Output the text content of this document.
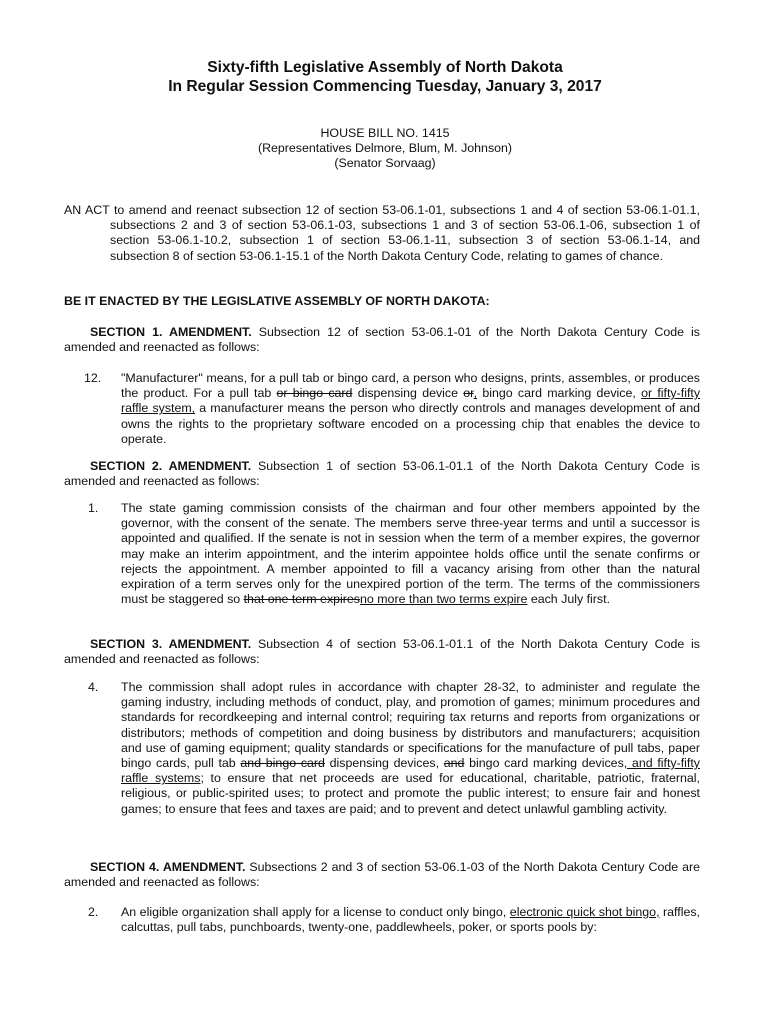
Sixty-fifth Legislative Assembly of North Dakota
In Regular Session Commencing Tuesday, January 3, 2017
HOUSE BILL NO. 1415
(Representatives Delmore, Blum, M. Johnson)
(Senator Sorvaag)
AN ACT to amend and reenact subsection 12 of section 53-06.1-01, subsections 1 and 4 of section 53-06.1-01.1, subsections 2 and 3 of section 53-06.1-03, subsections 1 and 3 of section 53-06.1-06, subsection 1 of section 53-06.1-10.2, subsection 1 of section 53-06.1-11, subsection 3 of section 53-06.1-14, and subsection 8 of section 53-06.1-15.1 of the North Dakota Century Code, relating to games of chance.
BE IT ENACTED BY THE LEGISLATIVE ASSEMBLY OF NORTH DAKOTA:
SECTION 1. AMENDMENT. Subsection 12 of section 53-06.1-01 of the North Dakota Century Code is amended and reenacted as follows:
12. "Manufacturer" means, for a pull tab or bingo card, a person who designs, prints, assembles, or produces the product. For a pull tab or bingo card dispensing device or, bingo card marking device, or fifty-fifty raffle system, a manufacturer means the person who directly controls and manages development of and owns the rights to the proprietary software encoded on a processing chip that enables the device to operate.
SECTION 2. AMENDMENT. Subsection 1 of section 53-06.1-01.1 of the North Dakota Century Code is amended and reenacted as follows:
1. The state gaming commission consists of the chairman and four other members appointed by the governor, with the consent of the senate. The members serve three-year terms and until a successor is appointed and qualified. If the senate is not in session when the term of a member expires, the governor may make an interim appointment, and the interim appointee holds office until the senate confirms or rejects the appointment. A member appointed to fill a vacancy arising from other than the natural expiration of a term serves only for the unexpired portion of the term. The terms of the commissioners must be staggered so that one term expiresno more than two terms expire each July first.
SECTION 3. AMENDMENT. Subsection 4 of section 53-06.1-01.1 of the North Dakota Century Code is amended and reenacted as follows:
4. The commission shall adopt rules in accordance with chapter 28-32, to administer and regulate the gaming industry, including methods of conduct, play, and promotion of games; minimum procedures and standards for recordkeeping and internal control; requiring tax returns and reports from organizations or distributors; methods of competition and doing business by distributors and manufacturers; acquisition and use of gaming equipment; quality standards or specifications for the manufacture of pull tabs, paper bingo cards, pull tab and bingo card dispensing devices, and bingo card marking devices, and fifty-fifty raffle systems; to ensure that net proceeds are used for educational, charitable, patriotic, fraternal, religious, or public-spirited uses; to protect and promote the public interest; to ensure fair and honest games; to ensure that fees and taxes are paid; and to prevent and detect unlawful gambling activity.
SECTION 4. AMENDMENT. Subsections 2 and 3 of section 53-06.1-03 of the North Dakota Century Code are amended and reenacted as follows:
2. An eligible organization shall apply for a license to conduct only bingo, electronic quick shot bingo, raffles, calcuttas, pull tabs, punchboards, twenty-one, paddlewheels, poker, or sports pools by:
